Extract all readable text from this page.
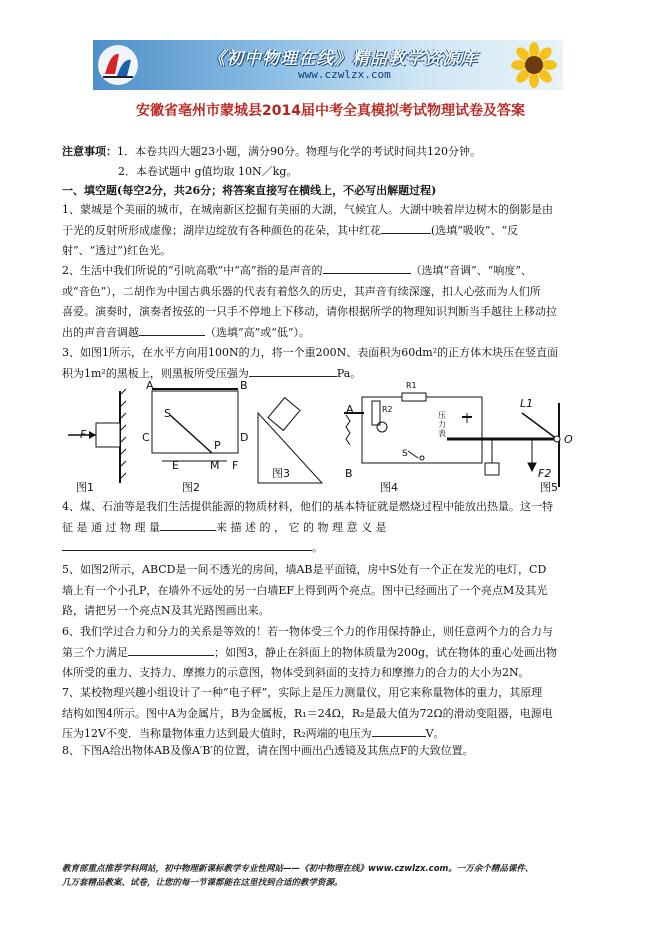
《初中物理在线》精品教学资源库
www.czwlzx.com
安徽省亳州市蒙城县2014届中考全真模拟考试物理试卷及答案
注意事项：1．本卷共四大题23小题，满分90分。物理与化学的考试时间共120分钟。
2．本卷试题中 g值均取 10N／kg。
一、填空题(每空2分，共26分；将答案直接写在横线上，不必写出解题过程)
1、蒙城是个美丽的城市，在城南新区挖掘有美丽的大湖，气候宜人。大湖中映着岸边树木的倒影是由
于光的反射所形成虚像；湖岸边绽放有各种颜色的花朵，其中红花	(选填“吸收”、“反
射”、“透过”)红色光。
2、生活中我们所说的“引吭高歌”中“高”指的是声音的	（选填“音调”、“响度”、
或“音色”），二胡作为中国古典乐器的代表有着悠久的历史，其声音有续深邃，扣人心弦而为人们所
喜爱。演奏时，演奏者按弦的一只手不停地上下移动，请你根据所学的物理知识判断当手越往上移动拉
出的声音音调越	（选填“高”或“低”）。
3、如图1所示，在水平方向用100N的力，将一个重200N、表面积为60dm²的正方体木块压在竖直面
积为1m²的黑板上，则黑板所受压强为	Pa。
F
A	B
C	D
E	F
S
M
P
A
B
R2
R1
压力表
S
L1
O
F2
图1	图2
图3
图4	图5
4、煤、石油等是我们生活提供能源的物质材料，他们的基本特征就是燃烧过程中能放出热量。这一特
征 是 通 过 物 理 量	来 描 述 的 ， 它 的 物 理 意 义 是
。
5、如图2所示，ABCD是一间不透光的房间，墙AB是平面镜，房中S处有一个正在发光的电灯，CD
墙上有一个小孔P，在墙外不远处的另一白墙EF上得到两个亮点。图中已经画出了一个亮点M及其光
路，请把另一个亮点N及其光路图画出来。
6、我们学过合力和分力的关系是等效的！若一物体受三个力的作用保持静止，则任意两个力的合力与
第三个力满足	；如图3，静止在斜面上的物体质量为200g，试在物体的重心处画出物
体所受的重力、支持力、摩擦力的示意图，物体受到斜面的支持力和摩擦力的合力的大小为2N。
7、某校物理兴趣小组设计了一种“电子秤”，实际上是压力测量仪，用它来称量物体的重力，其原理
结构如图4所示。图中A为金属片，B为金属板，R₁＝24Ω，R₂是最大值为72Ω的滑动变阻器，电源电
压为12V不变．当称量物体重力达到最大值时，R₂两端的电压为	V。
8、下图A给出物体AB及像A′B′的位置，请在图中画出凸透镜及其焦点F的大致位置。
教育部重点推荐学科网站，初中物理新课标教学专业性网站——《初中物理在线》www.czwlzx.com。一万余个精品课件、
几万套精品教案、试卷，让您的每一节课都能在这里找到合适的教学资源。
